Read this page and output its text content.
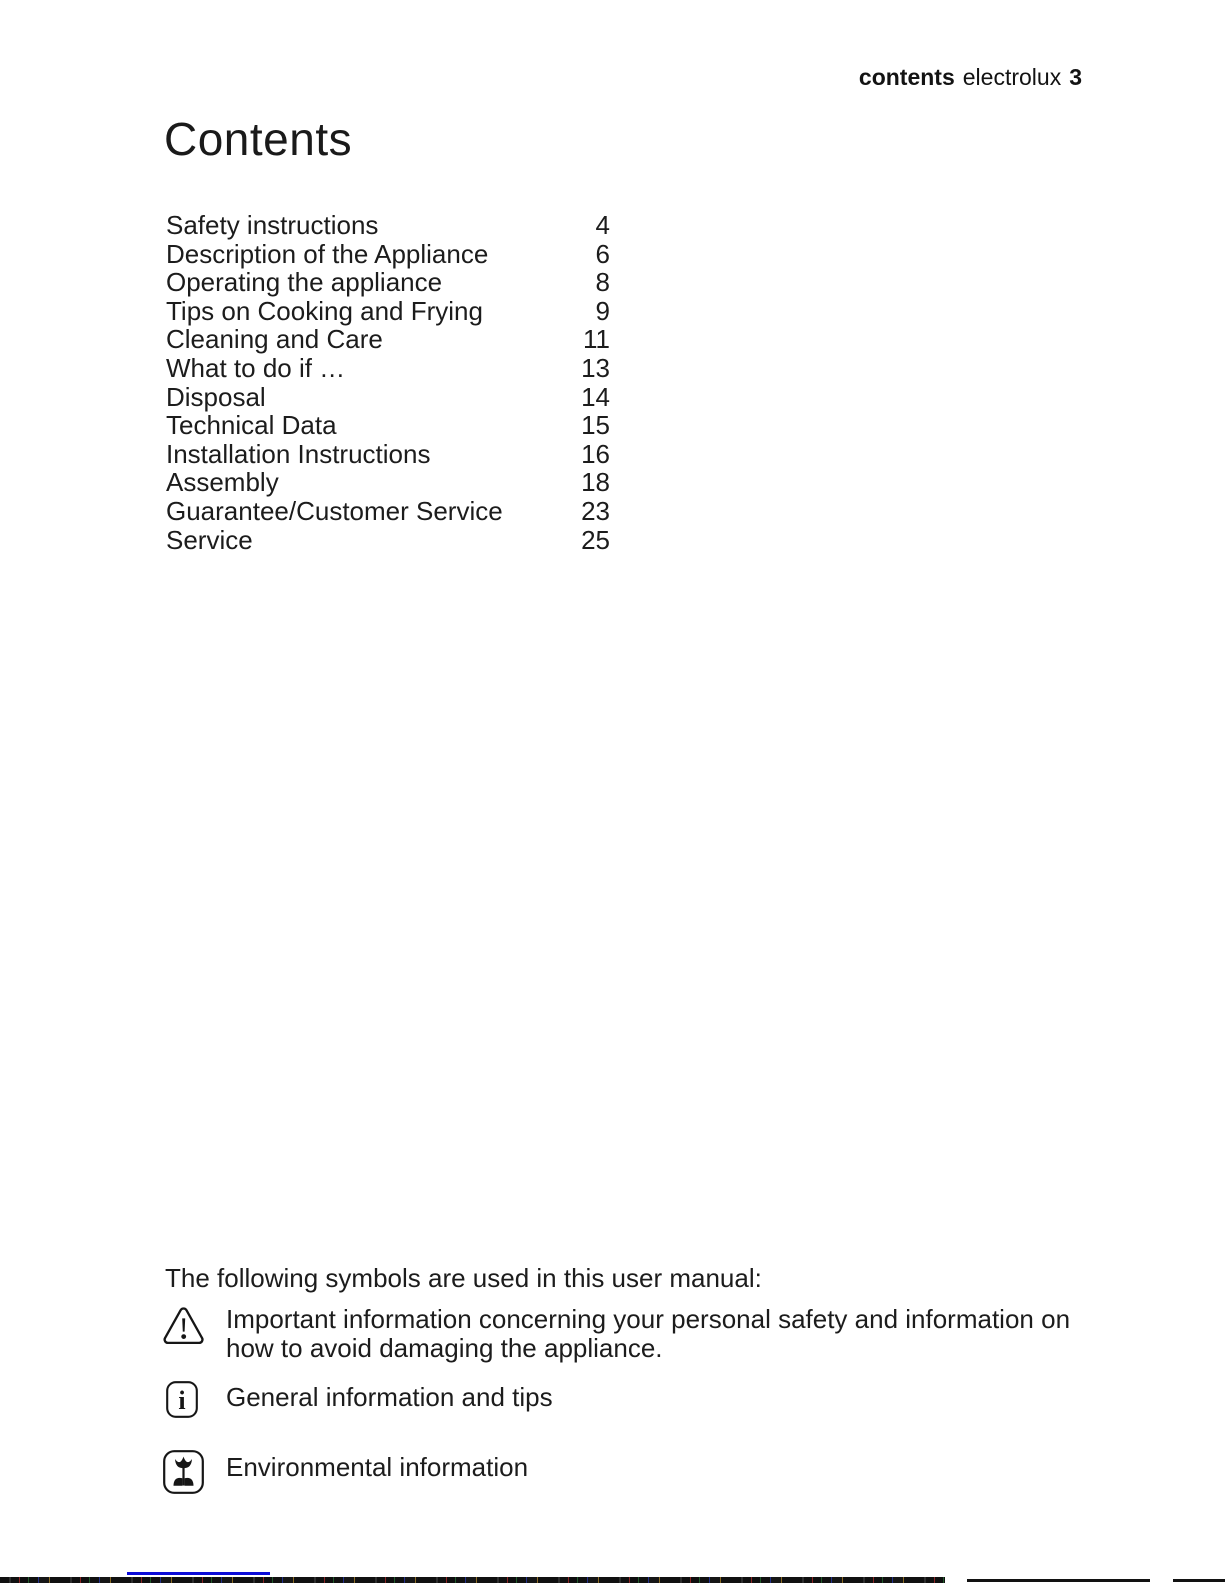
contents electrolux 3
Contents
Safety instructions	4
Description of the Appliance	6
Operating the appliance	8
Tips on Cooking and Frying	9
Cleaning and Care	11
What to do if …	13
Disposal	14
Technical Data	15
Installation Instructions	16
Assembly	18
Guarantee/Customer Service	23
Service	25
The following symbols are used in this user manual:
Important information concerning your personal safety and information on
how to avoid damaging the appliance.
i General information and tips
Environmental information
